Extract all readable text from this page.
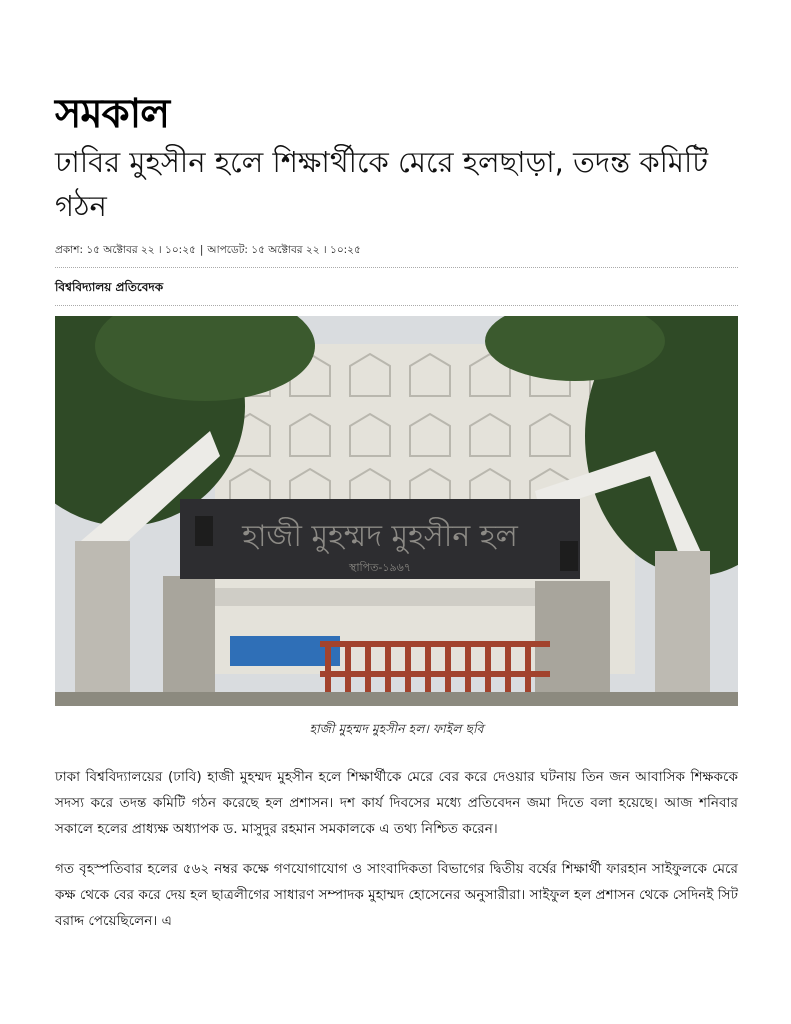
সমকাল
ঢাবির মুহসীন হলে শিক্ষার্থীকে মেরে হলছাড়া, তদন্ত কমিটি গঠন
প্রকাশ: ১৫ অক্টোবর ২২ । ১০:২৫ | আপডেট: ১৫ অক্টোবর ২২ । ১০:২৫
বিশ্ববিদ্যালয় প্রতিবেদক
হাজী মুহম্মদ মুহসীন হল
স্থাপিত-১৯৬৭
হাজী মুহম্মদ মুহসীন হল। ফাইল ছবি

ঢাকা বিশ্ববিদ্যালয়ের (ঢাবি) হাজী মুহম্মদ মুহসীন হলে শিক্ষার্থীকে মেরে বের করে দেওয়ার ঘটনায় তিন জন আবাসিক শিক্ষককে সদস্য করে তদন্ত কমিটি গঠন করেছে হল প্রশাসন। দশ কার্য দিবসের মধ্যে প্রতিবেদন জমা দিতে বলা হয়েছে। আজ শনিবার সকালে হলের প্রাধ্যক্ষ অধ্যাপক ড. মাসুদুর রহমান সমকালকে এ তথ্য নিশ্চিত করেন।

গত বৃহস্পতিবার হলের ৫৬২ নম্বর কক্ষে গণযোগাযোগ ও সাংবাদিকতা বিভাগের দ্বিতীয় বর্ষের শিক্ষার্থী ফারহান সাইফুলকে মেরে কক্ষ থেকে বের করে দেয় হল ছাত্রলীগের সাধারণ সম্পাদক মুহাম্মদ হোসেনের অনুসারীরা। সাইফুল হল প্রশাসন থেকে সেদিনই সিট বরাদ্দ পেয়েছিলেন। এ
